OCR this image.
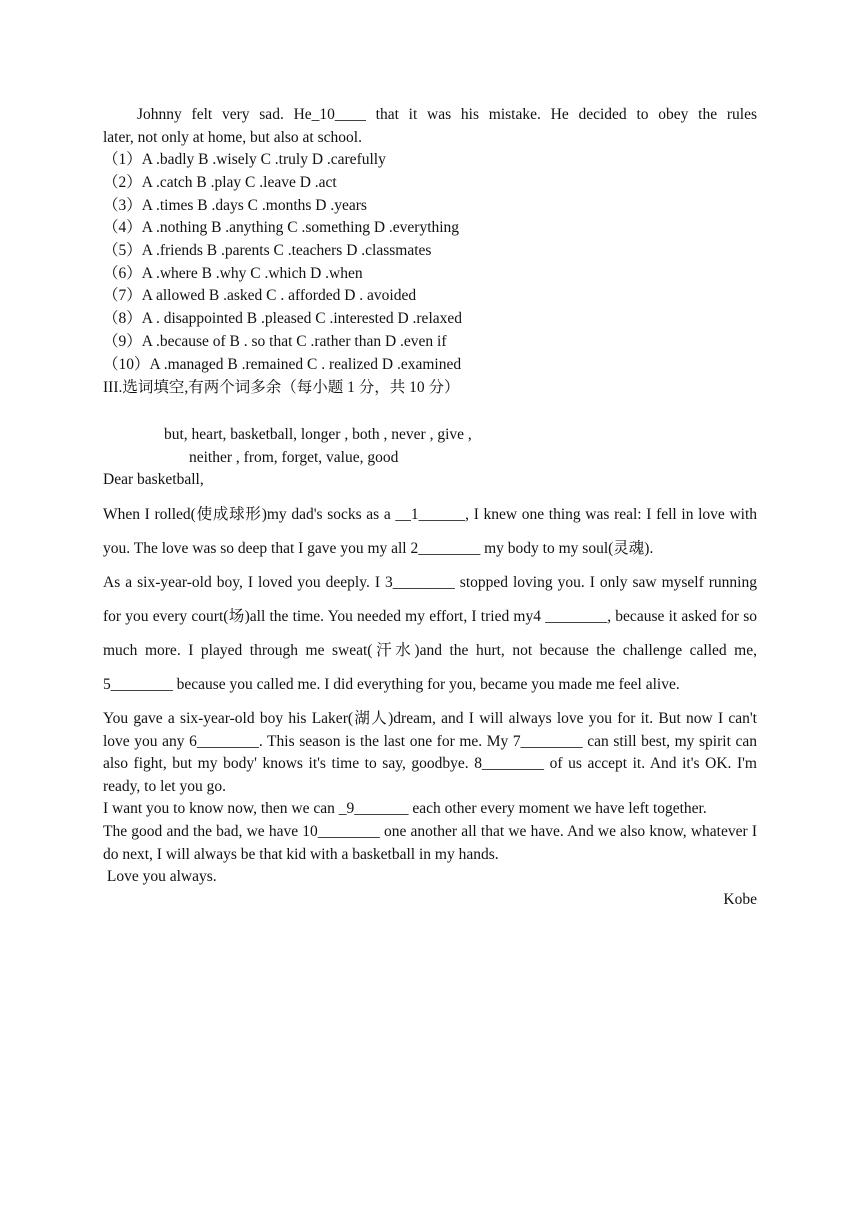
Johnny felt very sad. He_10____ that it was his mistake. He decided to obey the rules
later, not only at home, but also at school.
（1）A .badly B .wisely C .truly D .carefully
（2）A .catch B .play C .leave D .act
（3）A .times B .days C .months D .years
（4）A .nothing B .anything C .something D .everything
（5）A .friends B .parents C .teachers D .classmates
（6）A .where B .why C .which D .when
（7）A allowed B .asked C . afforded D . avoided
（8）A . disappointed B .pleased C .interested D .relaxed
（9）A .because of B . so that C .rather than D .even if
（10）A .managed B .remained C . realized D .examined
III.选词填空,有两个词多余（每小题 1 分，共 10 分）
but, heart, basketball, longer , both , never , give ,
neither , from, forget, value, good
Dear basketball,

When I rolled(使成球形)my dad's socks as a __1______, I knew one thing was real: I fell in love with you. The love was so deep that I gave you my all 2________ my body to my soul(灵魂).

As a six-year-old boy, I loved you deeply. I 3________ stopped loving you. I only saw myself running for you every court(场)all the time. You needed my effort, I tried my4 ________, because it asked for so much more. I played through me sweat(汗水)and the hurt, not because the challenge called me, 5________ because you called me. I did everything for you, became you made me feel alive.

You gave a six-year-old boy his Laker(湖人)dream, and I will always love you for it. But now I can't love you any 6________. This season is the last one for me. My 7________ can still best, my spirit can also fight, but my body' knows it's time to say, goodbye. 8________ of us accept it. And it's OK. I'm ready, to let you go.

I want you to know now, then we can _9_______ each other every moment we have left together.

The good and the bad, we have 10________ one another all that we have. And we also know, whatever I do next, I will always be that kid with a basketball in my hands.

Love you always.
Kobe
